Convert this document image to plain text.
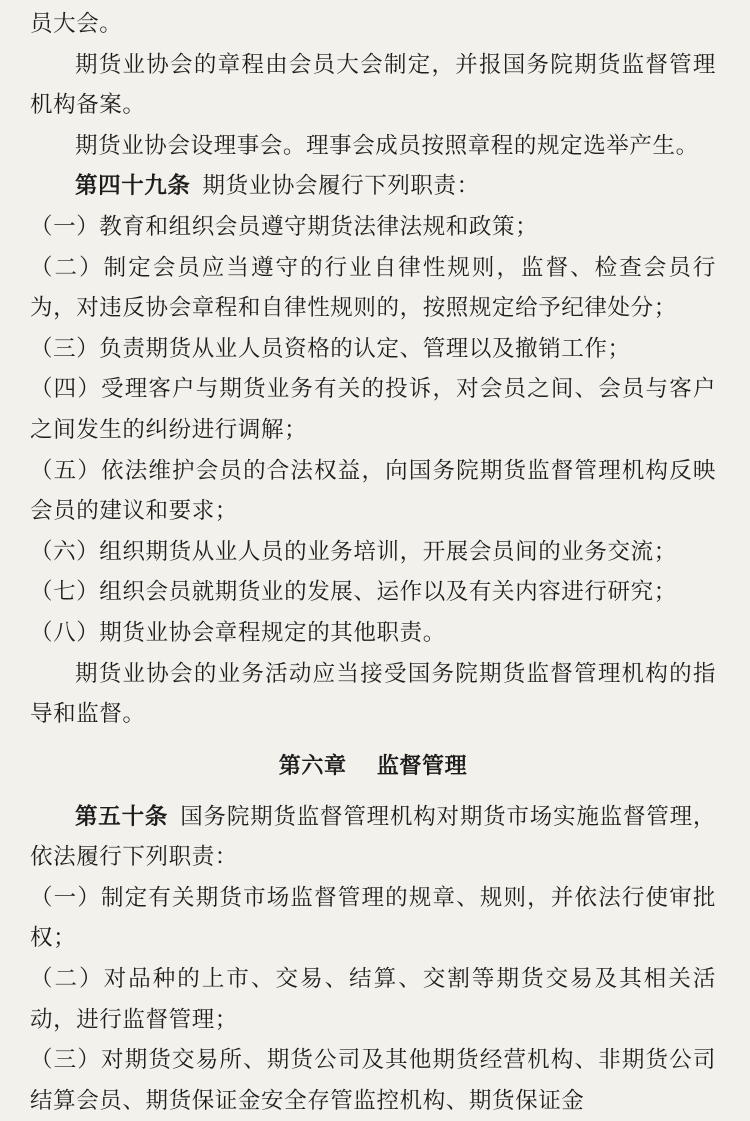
员大会。

期货业协会的章程由会员大会制定，并报国务院期货监督管理机构备案。

期货业协会设理事会。理事会成员按照章程的规定选举产生。

第四十九条 期货业协会履行下列职责：

（一）教育和组织会员遵守期货法律法规和政策；

（二）制定会员应当遵守的行业自律性规则，监督、检查会员行为，对违反协会章程和自律性规则的，按照规定给予纪律处分；

（三）负责期货从业人员资格的认定、管理以及撤销工作；

（四）受理客户与期货业务有关的投诉，对会员之间、会员与客户之间发生的纠纷进行调解；

（五）依法维护会员的合法权益，向国务院期货监督管理机构反映会员的建议和要求；

（六）组织期货从业人员的业务培训，开展会员间的业务交流；

（七）组织会员就期货业的发展、运作以及有关内容进行研究；

（八）期货业协会章程规定的其他职责。

期货业协会的业务活动应当接受国务院期货监督管理机构的指导和监督。

第六章 监督管理

第五十条 国务院期货监督管理机构对期货市场实施监督管理，依法履行下列职责：

（一）制定有关期货市场监督管理的规章、规则，并依法行使审批权；

（二）对品种的上市、交易、结算、交割等期货交易及其相关活动，进行监督管理；

（三）对期货交易所、期货公司及其他期货经营机构、非期货公司结算会员、期货保证金安全存管监控机构、期货保证金
